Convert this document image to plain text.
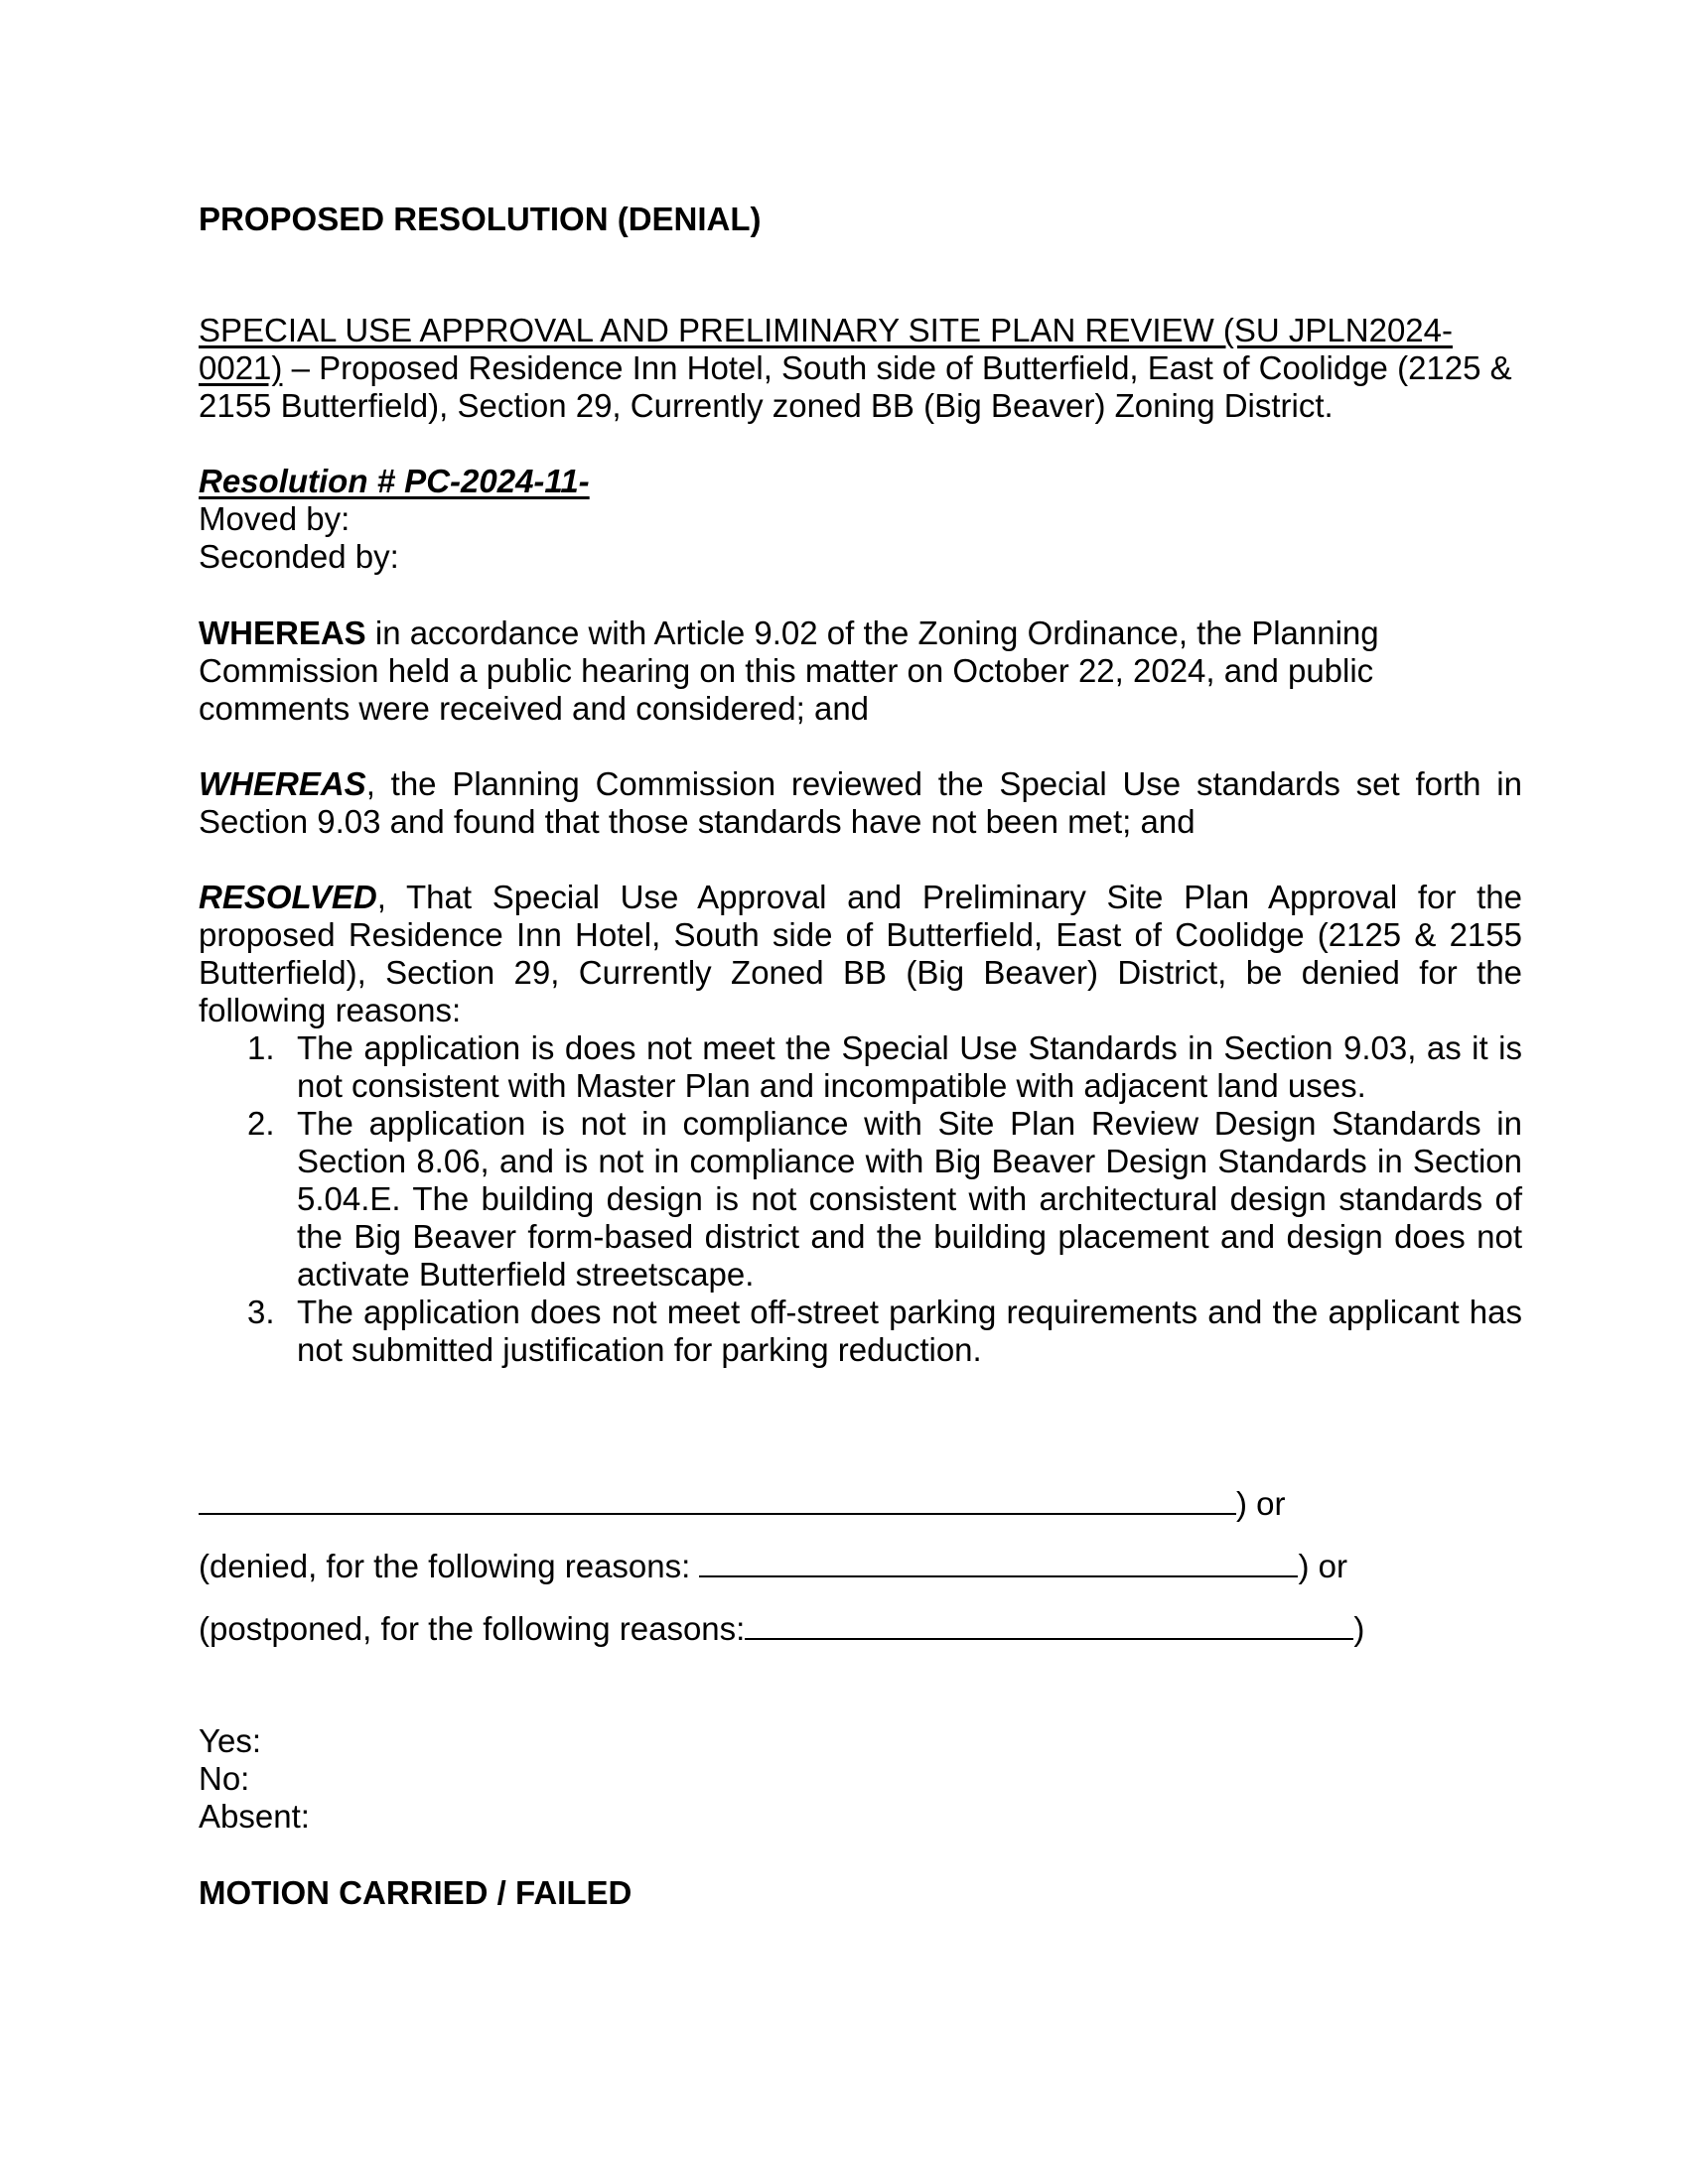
PROPOSED RESOLUTION (DENIAL)
SPECIAL USE APPROVAL AND PRELIMINARY SITE PLAN REVIEW (SU JPLN2024-0021) – Proposed Residence Inn Hotel, South side of Butterfield, East of Coolidge (2125 & 2155 Butterfield), Section 29, Currently zoned BB (Big Beaver) Zoning District.
Resolution # PC-2024-11-
Moved by:
Seconded by:
WHEREAS in accordance with Article 9.02 of the Zoning Ordinance, the Planning Commission held a public hearing on this matter on October 22, 2024, and public comments were received and considered; and
WHEREAS, the Planning Commission reviewed the Special Use standards set forth in Section 9.03 and found that those standards have not been met; and
RESOLVED, That Special Use Approval and Preliminary Site Plan Approval for the proposed Residence Inn Hotel, South side of Butterfield, East of Coolidge (2125 & 2155 Butterfield), Section 29, Currently Zoned BB (Big Beaver) District, be denied for the following reasons:
1. The application is does not meet the Special Use Standards in Section 9.03, as it is not consistent with Master Plan and incompatible with adjacent land uses.
2. The application is not in compliance with Site Plan Review Design Standards in Section 8.06, and is not in compliance with Big Beaver Design Standards in Section 5.04.E. The building design is not consistent with architectural design standards of the Big Beaver form-based district and the building placement and design does not activate Butterfield streetscape.
3. The application does not meet off-street parking requirements and the applicant has not submitted justification for parking reduction.
) or
(denied, for the following reasons:	) or
(postponed, for the following reasons:	)
Yes:
No:
Absent:
MOTION CARRIED / FAILED
